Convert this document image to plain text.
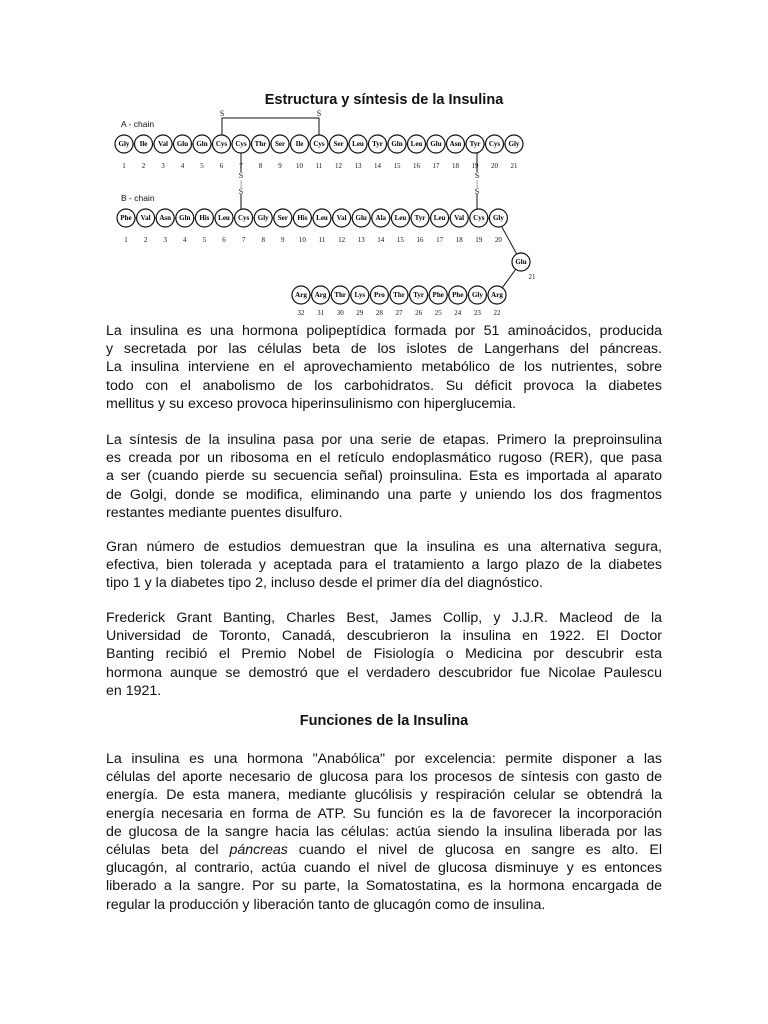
Estructura y síntesis de la Insulina
A - chain
B - chain
S	S
S
|
S
S
|
S
Gly
1
Ile
2
Val
3
Glu
4
Gln
5
Cys
6
Cys
7
Thr
8
Ser
9
Ile
10
Cys
11
Ser
12
Leu
13
Tyr
14
Gln
15
Leu
16
Glu
17
Asn
18
Tyr
19
Cys
20
Gly
21
Phe
1
Val
2
Asn
3
Gln
4
His
5
Leu
6
Cys
7
Gly
8
Ser
9
His
10
Leu
11
Val
12
Glu
13
Ala
14
Leu
15
Tyr
16
Leu
17
Val
18
Cys
19
Gly
20
Glu
21
Arg
32
Arg
31
Thr
30
Lys
29
Pro
28
Thr
27
Tyr
26
Phe
25
Phe
24
Gly
23
Arg
22
La insulina es una hormona polipeptídica formada por 51 aminoácidos, producida
y secretada por las células beta de los islotes de Langerhans del páncreas.
La insulina interviene en el aprovechamiento metabólico de los nutrientes, sobre
todo con el anabolismo de los carbohidratos. Su déficit provoca la diabetes
mellitus y su exceso provoca hiperinsulinismo con hiperglucemia.
La síntesis de la insulina pasa por una serie de etapas. Primero la preproinsulina
es creada por un ribosoma en el retículo endoplasmático rugoso (RER), que pasa
a ser (cuando pierde su secuencia señal) proinsulina. Esta es importada al aparato
de Golgi, donde se modifica, eliminando una parte y uniendo los dos fragmentos
restantes mediante puentes disulfuro.
Gran número de estudios demuestran que la insulina es una alternativa segura,
efectiva, bien tolerada y aceptada para el tratamiento a largo plazo de la diabetes
tipo 1 y la diabetes tipo 2, incluso desde el primer día del diagnóstico.
Frederick Grant Banting, Charles Best, James Collip, y J.J.R. Macleod de la
Universidad de Toronto, Canadá, descubrieron la insulina en 1922. El Doctor
Banting recibió el Premio Nobel de Fisiología o Medicina por descubrir esta
hormona aunque se demostró que el verdadero descubridor fue Nicolae Paulescu
en 1921.
Funciones de la Insulina
La insulina es una hormona "Anabólica" por excelencia: permite disponer a las
células del aporte necesario de glucosa para los procesos de síntesis con gasto de
energía. De esta manera, mediante glucólisis y respiración celular se obtendrá la
energía necesaria en forma de ATP. Su función es la de favorecer la incorporación
de glucosa de la sangre hacia las células: actúa siendo la insulina liberada por las
células beta del páncreas cuando el nivel de glucosa en sangre es alto. El
glucagón, al contrario, actúa cuando el nivel de glucosa disminuye y es entonces
liberado a la sangre. Por su parte, la Somatostatina, es la hormona encargada de
regular la producción y liberación tanto de glucagón como de insulina.
